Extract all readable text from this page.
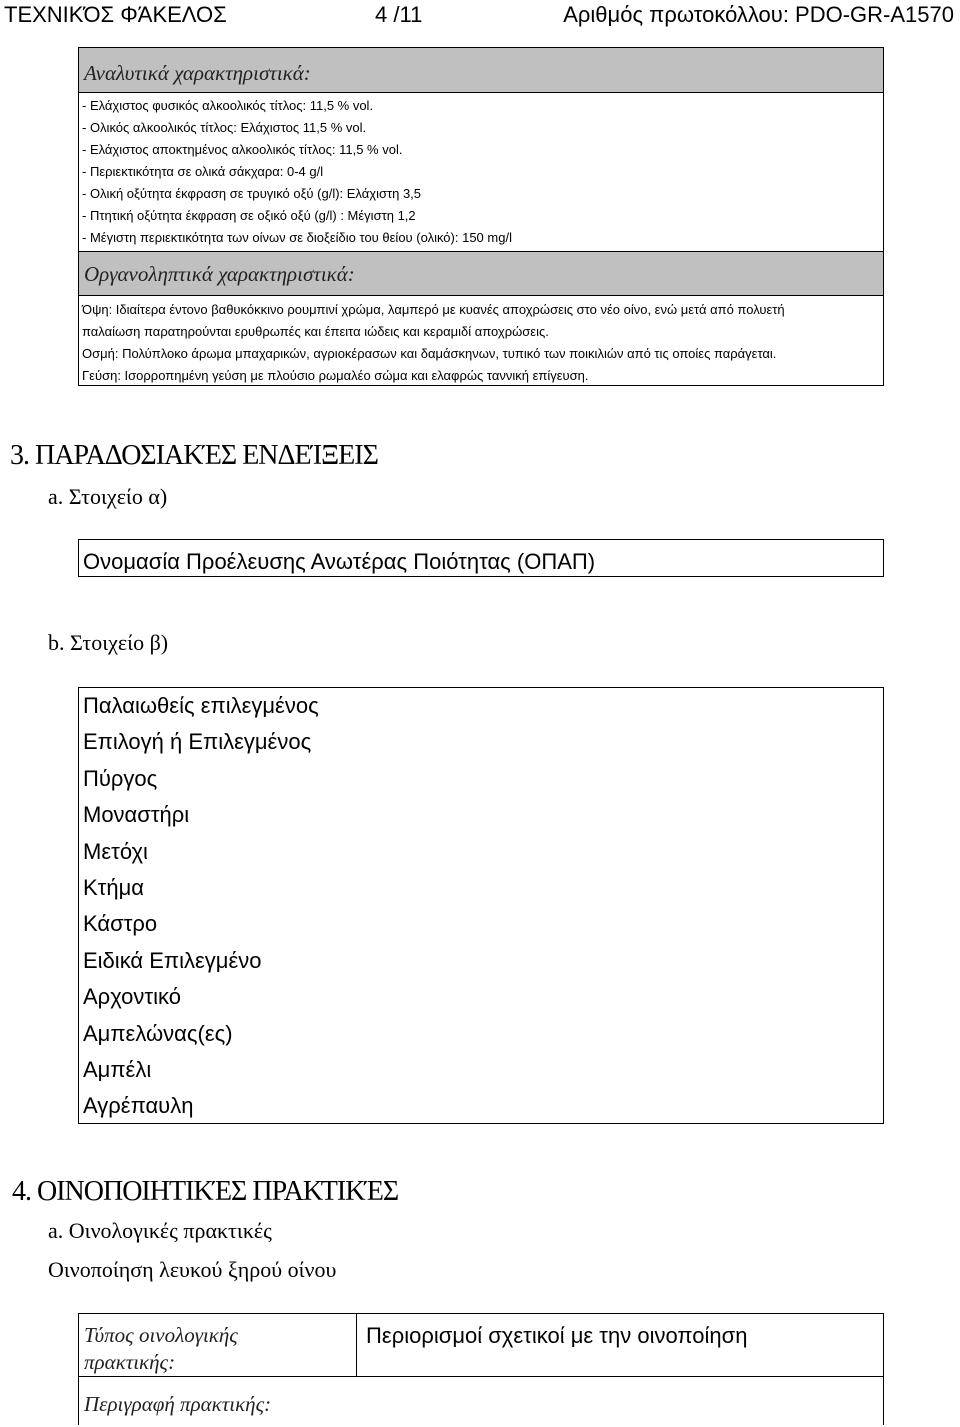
ΤΕΧΝΙΚΌΣ ΦΆΚΕΛΟΣ	4 /11	Αριθμός πρωτοκόλλου: PDO-GR-A1570
Αναλυτικά χαρακτηριστικά:
- Ελάχιστος φυσικός αλκοολικός τίτλος: 11,5 % vol.
- Ολικός αλκοολικός τίτλος: Ελάχιστος 11,5 % vol.
- Ελάχιστος αποκτημένος αλκοολικός τίτλος: 11,5 % vol.
- Περιεκτικότητα σε ολικά σάκχαρα: 0-4 g/l
- Ολική οξύτητα έκφραση σε τρυγικό οξύ (g/l): Ελάχιστη 3,5
- Πτητική οξύτητα έκφραση σε οξικό οξύ (g/l) : Μέγιστη 1,2
- Μέγιστη περιεκτικότητα των οίνων σε διοξείδιο του θείου (ολικό): 150 mg/l
Οργανοληπτικά χαρακτηριστικά:
Όψη: Ιδιαίτερα έντονο βαθυκόκκινο ρουμπινί χρώμα, λαμπερό με κυανές αποχρώσεις στο νέο οίνο, ενώ μετά από πολυετή
παλαίωση παρατηρούνται ερυθρωπές και έπειτα ιώδεις και κεραμιδί αποχρώσεις.
Οσμή: Πολύπλοκο άρωμα μπαχαρικών, αγριοκέρασων και δαμάσκηνων, τυπικό των ποικιλιών από τις οποίες παράγεται.
Γεύση: Ισορροπημένη γεύση με πλούσιο ρωμαλέο σώμα και ελαφρώς ταννική επίγευση.
3. ΠΑΡΑΔΟΣΙΑΚΈΣ ΕΝΔΕΊΞΕΙΣ
a. Στοιχείο α)
Ονομασία Προέλευσης Ανωτέρας Ποιότητας (ΟΠΑΠ)
b. Στοιχείο β)
Παλαιωθείς επιλεγμένος
Επιλογή ή Επιλεγμένος
Πύργος
Μοναστήρι
Μετόχι
Κτήμα
Κάστρο
Ειδικά Επιλεγμένο
Αρχοντικό
Αμπελώνας(ες)
Αμπέλι
Αγρέπαυλη
4. ΟΙΝΟΠΟΙΗΤΙΚΈΣ ΠΡΑΚΤΙΚΈΣ
a. Οινολογικές πρακτικές
Οινοποίηση λευκού ξηρού οίνου
Τύπος οινολογικής πρακτικής:
Περιορισμοί σχετικοί με την οινοποίηση
Περιγραφή πρακτικής:
